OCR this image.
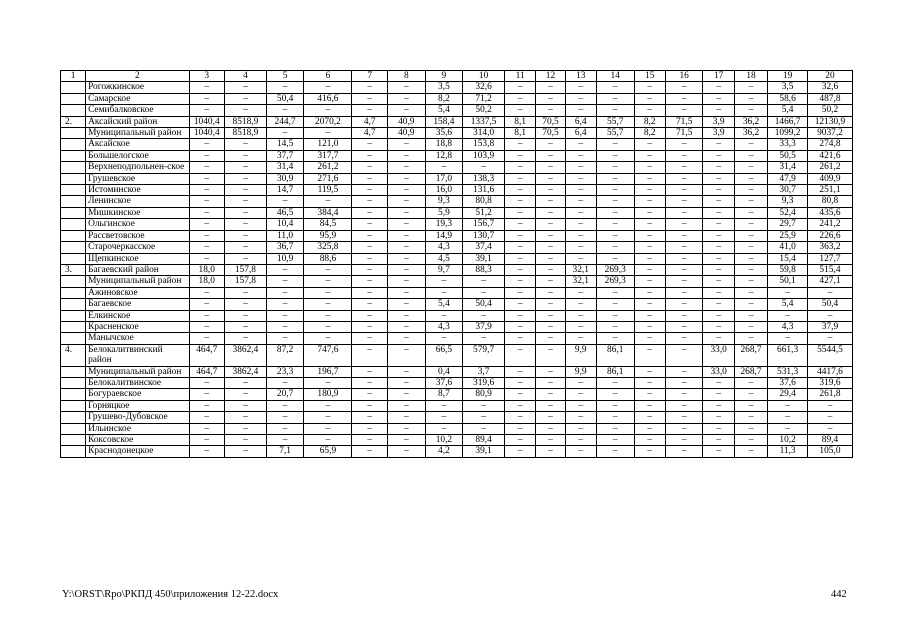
1	2	3	4	5	6	7	8	9	10	11	12	13	14	15	16	17	18	19	20
	Рогожкинское	–	–	–	–	–	–	3,5	32,6	–	–	–	–	–	–	–	–	3,5	32,6
	Самарское	–	–	50,4	416,6	–	–	8,2	71,2	–	–	–	–	–	–	–	–	58,6	487,8
	Семибалковское	–	–	–	–	–	–	5,4	50,2	–	–	–	–	–	–	–	–	5,4	50,2
2.	Аксайский район	1040,4	8518,9	244,7	2070,2	4,7	40,9	158,4	1337,5	8,1	70,5	6,4	55,7	8,2	71,5	3,9	36,2	1466,7	12130,9
	Муниципальный район	1040,4	8518,9	–	–	4,7	40,9	35,6	314,0	8,1	70,5	6,4	55,7	8,2	71,5	3,9	36,2	1099,2	9037,2
	Аксайское	–	–	14,5	121,0	–	–	18,8	153,8	–	–	–	–	–	–	–	–	33,3	274,8
	Большелогское	–	–	37,7	317,7	–	–	12,8	103,9	–	–	–	–	–	–	–	–	50,5	421,6
	Верхнеподпольнен-ское	–	–	31,4	261,2	–	–	–	–	–	–	–	–	–	–	–	–	31,4	261,2
	Грушевское	–	–	30,9	271,6	–	–	17,0	138,3	–	–	–	–	–	–	–	–	47,9	409,9
	Истоминское	–	–	14,7	119,5	–	–	16,0	131,6	–	–	–	–	–	–	–	–	30,7	251,1
	Ленинское	–	–	–	–	–	–	9,3	80,8	–	–	–	–	–	–	–	–	9,3	80,8
	Мишкинское	–	–	46,5	384,4	–	–	5,9	51,2	–	–	–	–	–	–	–	–	52,4	435,6
	Ольгинское	–	–	10,4	84,5	–	–	19,3	156,7	–	–	–	–	–	–	–	–	29,7	241,2
	Рассветовское	–	–	11,0	95,9	–	–	14,9	130,7	–	–	–	–	–	–	–	–	25,9	226,6
	Старочеркасское	–	–	36,7	325,8	–	–	4,3	37,4	–	–	–	–	–	–	–	–	41,0	363,2
	Щепкинское	–	–	10,9	88,6	–	–	4,5	39,1	–	–	–	–	–	–	–	–	15,4	127,7
3.	Багаевский район	18,0	157,8	–	–	–	–	9,7	88,3	–	–	32,1	269,3	–	–	–	–	59,8	515,4
	Муниципальный район	18,0	157,8	–	–	–	–	–	–	–	–	32,1	269,3	–	–	–	–	50,1	427,1
	Ажиновское	–	–	–	–	–	–	–	–	–	–	–	–	–	–	–	–	–	–
	Багаевское	–	–	–	–	–	–	5,4	50,4	–	–	–	–	–	–	–	–	5,4	50,4
	Елкинское	–	–	–	–	–	–	–	–	–	–	–	–	–	–	–	–	–	–
	Красненское	–	–	–	–	–	–	4,3	37,9	–	–	–	–	–	–	–	–	4,3	37,9
	Манычское	–	–	–	–	–	–	–	–	–	–	–	–	–	–	–	–	–	–
4.	Белокалитвинский район	464,7	3862,4	87,2	747,6	–	–	66,5	579,7	–	–	9,9	86,1	–	–	33,0	268,7	661,3	5544,5
	Муниципальный район	464,7	3862,4	23,3	196,7	–	–	0,4	3,7	–	–	9,9	86,1	–	–	33,0	268,7	531,3	4417,6
	Белокалитвинское	–	–	–	–	–	–	37,6	319,6	–	–	–	–	–	–	–	–	37,6	319,6
	Богураевское	–	–	20,7	180,9	–	–	8,7	80,9	–	–	–	–	–	–	–	–	29,4	261,8
	Горняцкое	–	–	–	–	–	–	–	–	–	–	–	–	–	–	–	–	–	–
	Грушево-Дубовское	–	–	–	–	–	–	–	–	–	–	–	–	–	–	–	–	–	–
	Ильинское	–	–	–	–	–	–	–	–	–	–	–	–	–	–	–	–	–	–
	Коксовское	–	–	–	–	–	–	10,2	89,4	–	–	–	–	–	–	–	–	10,2	89,4
	Краснодонецкое	–	–	7,1	65,9	–	–	4,2	39,1	–	–	–	–	–	–	–	–	11,3	105,0
Y:\ORST\Rpo\РКПД 450\приложения 12-22.docx	442
